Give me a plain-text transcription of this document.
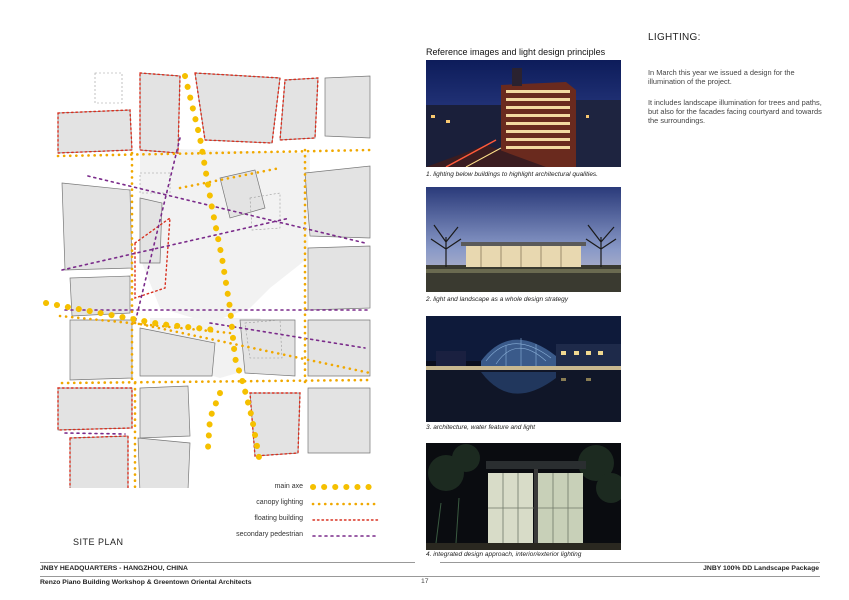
main axe
canopy lighting
floating building
secondary pedestrian
SITE PLAN
Reference images and light design principles
1. lighting below buildings to highlight architectural qualities.
2. light and landscape as a whole design strategy
3. architecture, water feature and light
4. integrated design approach, interior/exterior lighting
LIGHTING:

In March this year we issued a design for the illumination of the project.

It includes landscape illumination for trees and paths, but also for the facades facing courtyard and towards the surroundings.

JNBY HEADQUARTERS - HANGZHOU, CHINA	JNBY 100% DD Landscape Package
Renzo Piano Building Workshop & Greentown Oriental Architects	17
